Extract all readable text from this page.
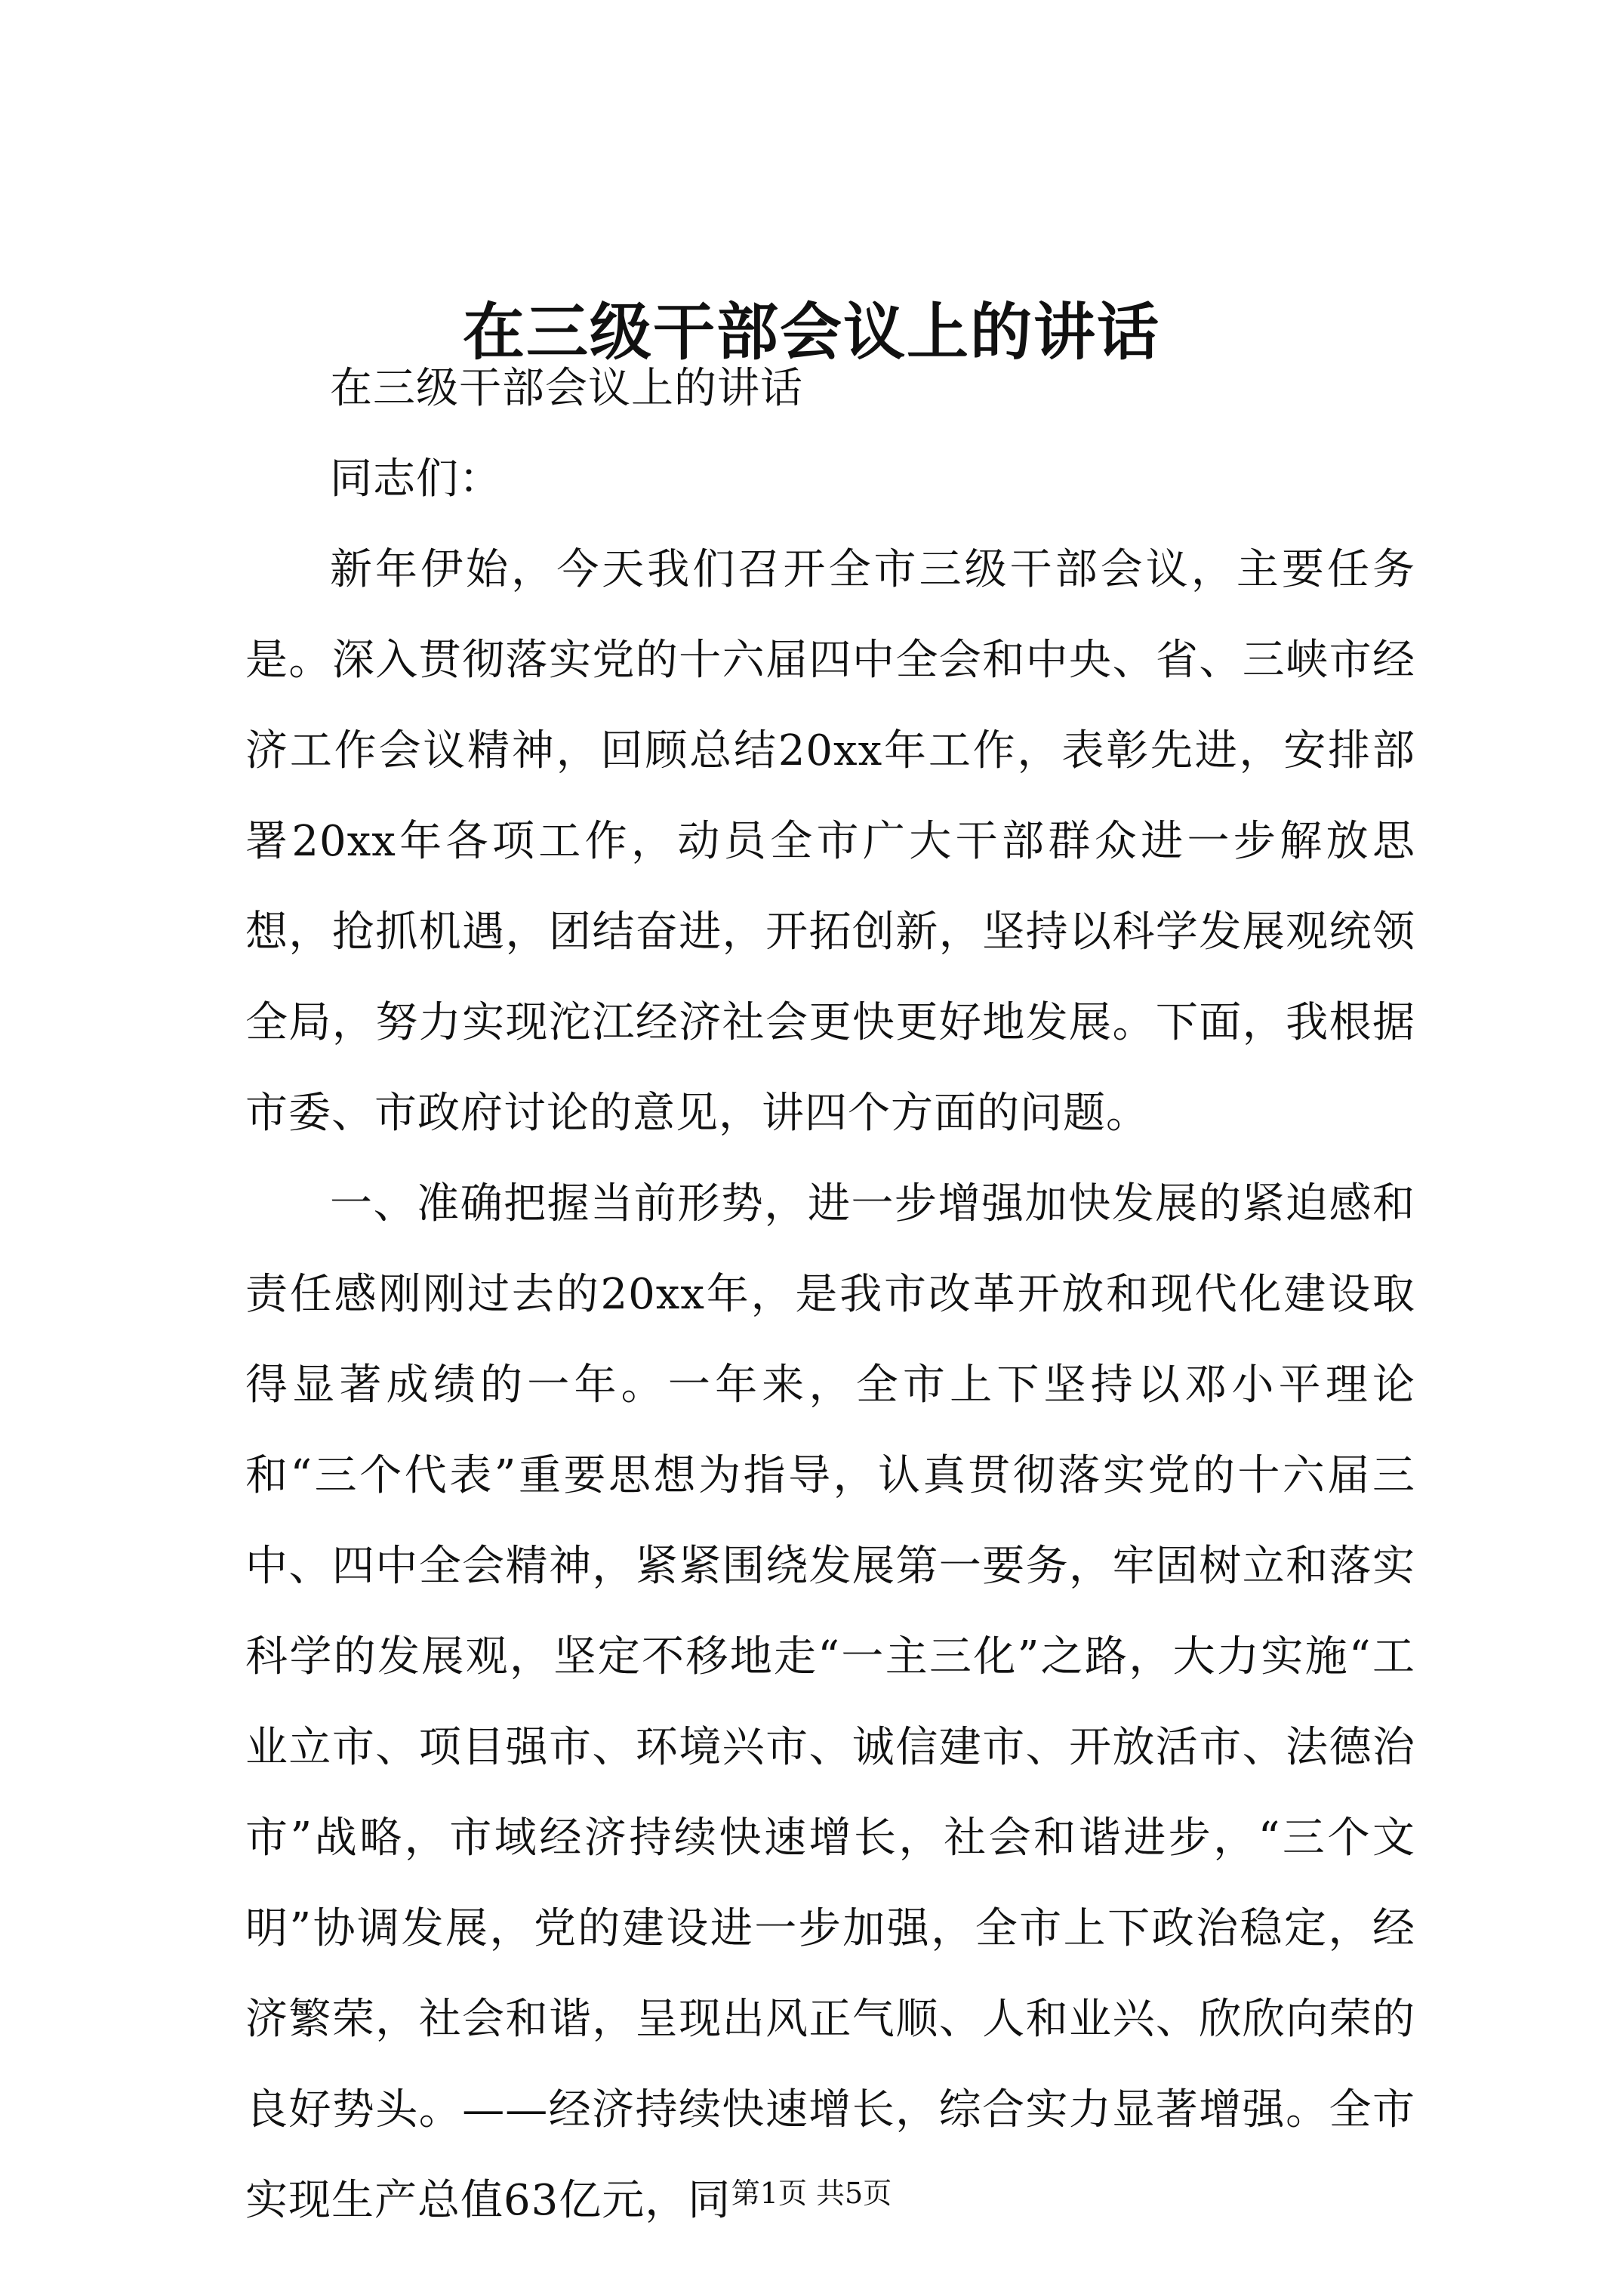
在三级干部会议上的讲话

在三级干部会议上的讲话

同志们：

新年伊始，今天我们召开全市三级干部会议，主要任务是。深入贯彻落实党的十六届四中全会和中央、省、三峡市经济工作会议精神，回顾总结20xx年工作，表彰先进，安排部署20xx年各项工作，动员全市广大干部群众进一步解放思想，抢抓机遇，团结奋进，开拓创新，坚持以科学发展观统领全局，努力实现沱江经济社会更快更好地发展。下面，我根据市委、市政府讨论的意见，讲四个方面的问题。

一、准确把握当前形势，进一步增强加快发展的紧迫感和责任感刚刚过去的20xx年，是我市改革开放和现代化建设取得显著成绩的一年。一年来，全市上下坚持以邓小平理论和“三个代表”重要思想为指导，认真贯彻落实党的十六届三中、四中全会精神，紧紧围绕发展第一要务，牢固树立和落实科学的发展观，坚定不移地走“一主三化”之路，大力实施“工业立市、项目强市、环境兴市、诚信建市、开放活市、法德治市”战略，市域经济持续快速增长，社会和谐进步，“三个文明”协调发展，党的建设进一步加强，全市上下政治稳定，经济繁荣，社会和谐，呈现出风正气顺、人和业兴、欣欣向荣的良好势头。——经济持续快速增长，综合实力显著增强。全市实现生产总值63亿元，同 第1页 共5页
